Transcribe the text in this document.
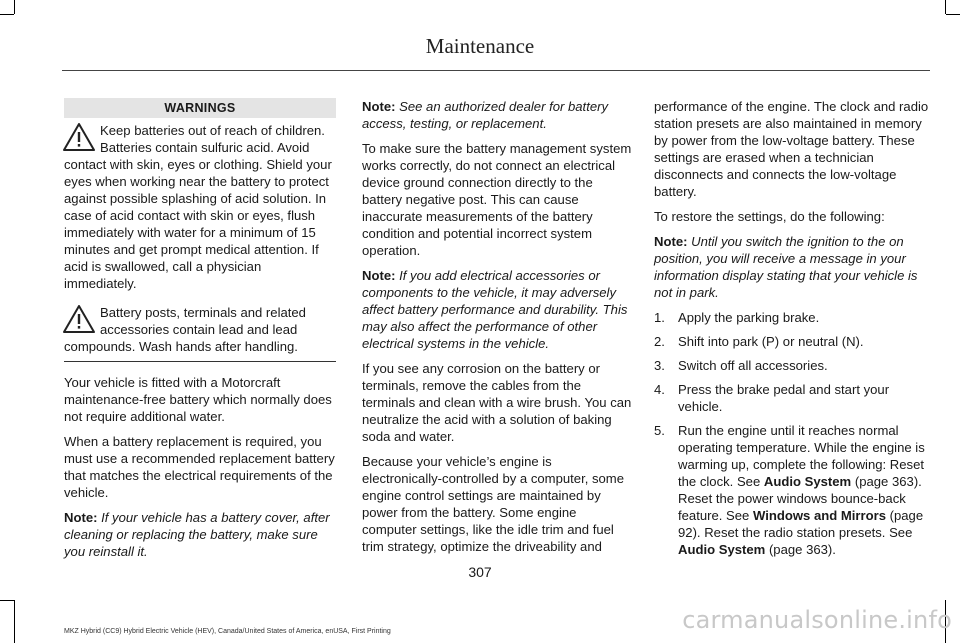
Maintenance
WARNINGS
Keep batteries out of reach of children. Batteries contain sulfuric acid. Avoid contact with skin, eyes or clothing. Shield your eyes when working near the battery to protect against possible splashing of acid solution. In case of acid contact with skin or eyes, flush immediately with water for a minimum of 15 minutes and get prompt medical attention. If acid is swallowed, call a physician immediately.
Battery posts, terminals and related accessories contain lead and lead compounds. Wash hands after handling.

Your vehicle is fitted with a Motorcraft maintenance-free battery which normally does not require additional water.

When a battery replacement is required, you must use a recommended replacement battery that matches the electrical requirements of the vehicle.

Note: If your vehicle has a battery cover, after cleaning or replacing the battery, make sure you reinstall it.

Note: See an authorized dealer for battery access, testing, or replacement.

To make sure the battery management system works correctly, do not connect an electrical device ground connection directly to the battery negative post. This can cause inaccurate measurements of the battery condition and potential incorrect system operation.

Note: If you add electrical accessories or components to the vehicle, it may adversely affect battery performance and durability. This may also affect the performance of other electrical systems in the vehicle.

If you see any corrosion on the battery or terminals, remove the cables from the terminals and clean with a wire brush. You can neutralize the acid with a solution of baking soda and water.

Because your vehicle’s engine is electronically-controlled by a computer, some engine control settings are maintained by power from the battery. Some engine computer settings, like the idle trim and fuel trim strategy, optimize the driveability and

performance of the engine. The clock and radio station presets are also maintained in memory by power from the low-voltage battery. These settings are erased when a technician disconnects and connects the low-voltage battery.

To restore the settings, do the following:

Note: Until you switch the ignition to the on position, you will receive a message in your information display stating that your vehicle is not in park.

1. Apply the parking brake.
2. Shift into park (P) or neutral (N).
3. Switch off all accessories.
4. Press the brake pedal and start your vehicle.
5. Run the engine until it reaches normal operating temperature. While the engine is warming up, complete the following: Reset the clock. See Audio System (page 363). Reset the power windows bounce-back feature. See Windows and Mirrors (page 92). Reset the radio station presets. See Audio System (page 363).
307
MKZ Hybrid (CC9) Hybrid Electric Vehicle (HEV), Canada/United States of America, enUSA, First Printing	carmanualsonline.info
